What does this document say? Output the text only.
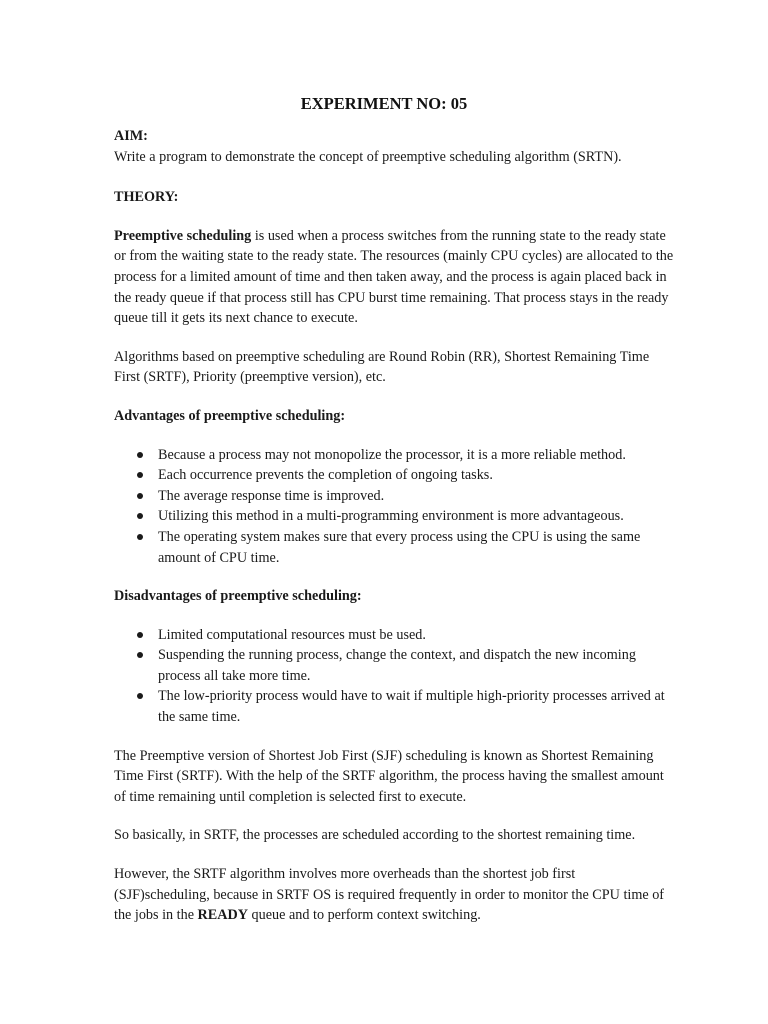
EXPERIMENT NO: 05

AIM:

Write a program to demonstrate the concept of preemptive scheduling algorithm (SRTN).

THEORY:

Preemptive scheduling is used when a process switches from the running state to the ready state or from the waiting state to the ready state. The resources (mainly CPU cycles) are allocated to the process for a limited amount of time and then taken away, and the process is again placed back in the ready queue if that process still has CPU burst time remaining. That process stays in the ready queue till it gets its next chance to execute.

Algorithms based on preemptive scheduling are Round Robin (RR), Shortest Remaining Time First (SRTF), Priority (preemptive version), etc.

Advantages of preemptive scheduling:

Because a process may not monopolize the processor, it is a more reliable method.
Each occurrence prevents the completion of ongoing tasks.
The average response time is improved.
Utilizing this method in a multi-programming environment is more advantageous.
The operating system makes sure that every process using the CPU is using the same amount of CPU time.

Disadvantages of preemptive scheduling:

Limited computational resources must be used.
Suspending the running process, change the context, and dispatch the new incoming process all take more time.
The low-priority process would have to wait if multiple high-priority processes arrived at the same time.

The Preemptive version of Shortest Job First (SJF) scheduling is known as Shortest Remaining Time First (SRTF). With the help of the SRTF algorithm, the process having the smallest amount of time remaining until completion is selected first to execute.

So basically, in SRTF, the processes are scheduled according to the shortest remaining time.

However, the SRTF algorithm involves more overheads than the shortest job first (SJF)scheduling, because in SRTF OS is required frequently in order to monitor the CPU time of the jobs in the READY queue and to perform context switching.
